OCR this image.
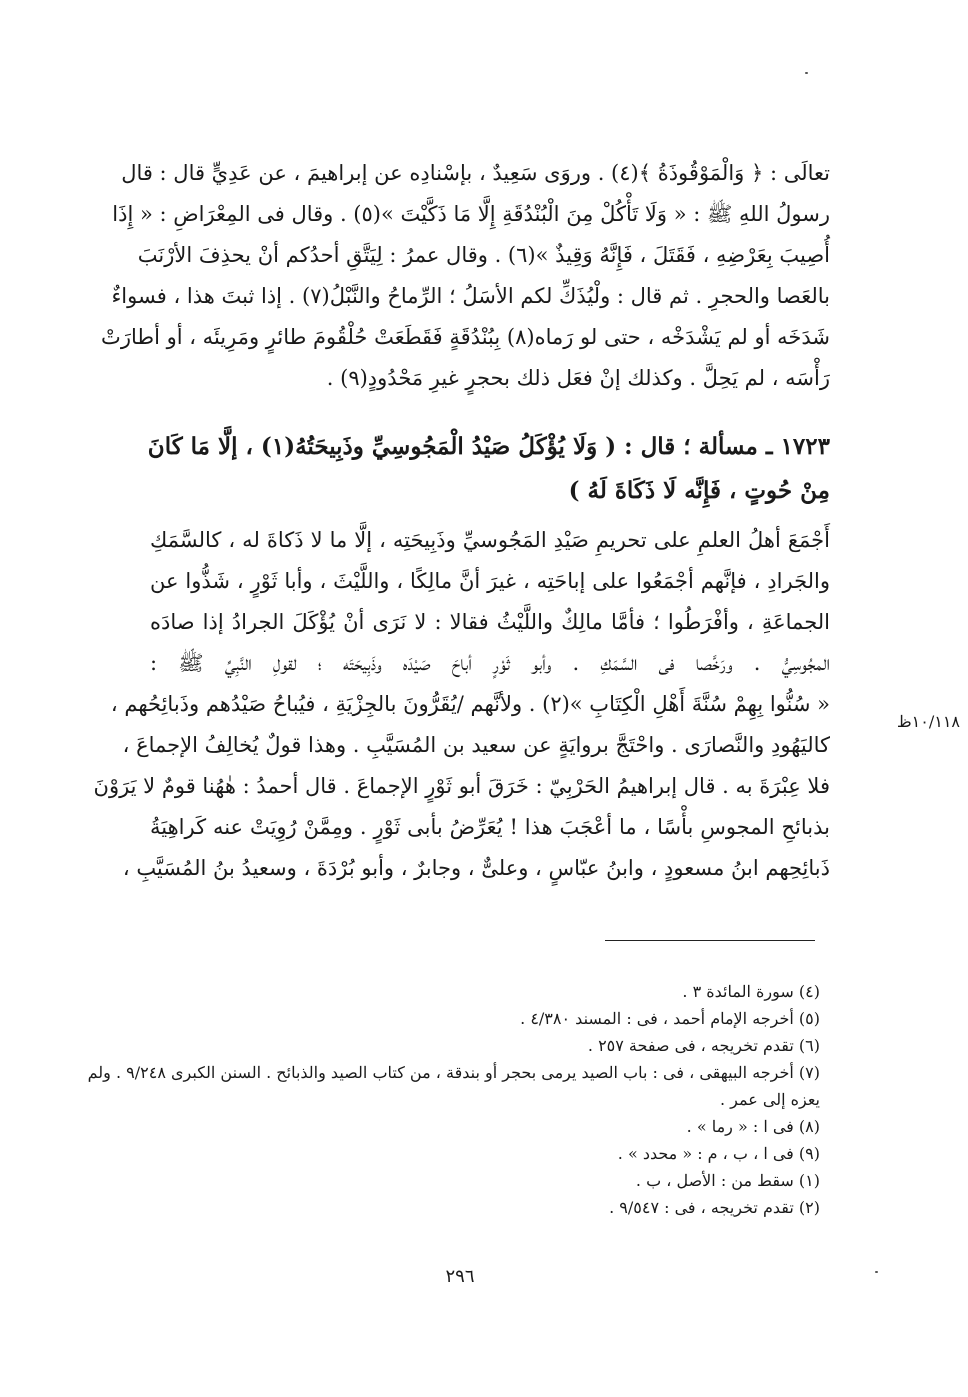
تعالَى : ﴿ وَالْمَوْقُوذَةُ ﴾(٤) . وروَى سَعِيدٌ ، بإسْنادِه عن إبراهيمَ ، عن عَدِيٍّ قال : قال
رسولُ اللهِ ﷺ : « وَلَا تَأْكُلْ مِنَ الْبُنْدُقَةِ إِلَّا مَا ذَكَّيْتَ »(٥) . وقال فى المِعْرَاضِ : « إِذَا
أُصِيبَ بِعَرْضِهِ ، فَقَتَلَ ، فَإِنَّهُ وَقِيذٌ »(٦) . وقال عمرُ : لِيَتَّقِ أحدُكم أنْ يحذِفَ الأرْنَبَ
بالعَصا والحجرِ . ثم قال : ولْيُذَكِّ لكم الأسَلُ ؛ الرِّماحُ والنَّبْلُ(٧) . إذا ثبتَ هذا ، فسواءٌ
شَدَخَه أو لم يَشْدَخْه ، حتى لو رَماه(٨) بِبُنْدُقَةٍ فَقَطَعَتْ حُلْقُومَ طائرٍ ومَرِيئَه ، أو أطارَتْ
رَأْسَه ، لم يَحِلَّ . وكذلك إنْ فعَل ذلك بحجرٍ غيرِ مَحْدُودٍ(٩) .
١٧٢٣ ـ مسألة ؛ قال : ( وَلَا يُؤْكَلُ صَيْدُ الْمَجُوسِيِّ وذَبِيحَتُهُ(١) ، إلَّا مَا كَانَ
مِنْ حُوتٍ ، فَإِنَّه لَا ذَكَاةَ لَهُ )
أَجْمَعَ أهلُ العلمِ على تحريمِ صَيْدِ المَجُوسيِّ وذَبِيحَتِه ، إلَّا ما لا ذَكاةَ له ، كالسَّمَكِ
والجَرادِ ، فإنَّهم أجْمَعُوا على إباحَتِه ، غيرَ أنَّ مالِكًا ، واللَّيْثَ ، وأبا ثَوْرٍ ، شَذُّوا عن
الجماعَةِ ، وأفْرَطُوا ؛ فأمَّا مالِكٌ واللَّيْثُ فقالا : لا نَرَى أنْ يُؤْكَلَ الجرادُ إذا صادَه
المجُوسِيُّ . ورَخَّصا فى السَّمَكِ . وأبو ثَوْرٍ أباحَ صَيْدَه وذَبِيحَتَه ؛ لقولِ النَّبِيِّ ﷺ :
« سُنُّوا بِهِمْ سُنَّةَ أَهْلِ الْكِتَابِ »(٢) . ولأنَّهم /يُقَرُّونَ بالجِزْيَةِ ، فيُباحُ صَيْدُهم وذَبائِحُهم ،
كاليَهُودِ والنَّصارَى . واحْتَجَّ بروايَةٍ عن سعيد بن المُسَيَّبِ . وهذا قولٌ يُخالِفُ الإجماعَ ،
فلا عِبْرَةَ به . قال إبراهيمُ الحَرْبِيّ : خَرَقَ أبو ثَوْرٍ الإجماعَ . قال أحمدُ : هٰهُنا قومٌ لا يَرَوْنَ
بذبائحِ المجوسِ بأْسًا ، ما أعْجَبَ هذا ! يُعَرِّضُ بأبى ثَوْرٍ . ومِمَّنْ رُوِيَتْ عنه كَراهِيَةُ
ذَبائِحِهم ابنُ مسعودٍ ، وابنُ عبّاسٍ ، وعلىٌّ ، وجابرٌ ، وأبو بُرْدَةَ ، وسعيدُ بنُ المُسَيَّبِ ،
١٠/١١٨ظ
(٤) سورة المائدة ٣ .
(٥) أخرجه الإمام أحمد ، فى : المسند ٤/٣٨٠ .
(٦) تقدم تخريجه ، فى صفحة ٢٥٧ .
(٧) أخرجه البيهقى ، فى : باب الصيد يرمى بحجر أو بندقة ، من كتاب الصيد والذبائح . السنن الكبرى ٩/٢٤٨ . ولم
يعزه إلى عمر .
(٨) فى ا : « رما » .
(٩) فى ا ، ب ، م : « محدد » .
(١) سقط من : الأصل ، ب .
(٢) تقدم تخريجه ، فى : ٩/٥٤٧ .
٢٩٦
